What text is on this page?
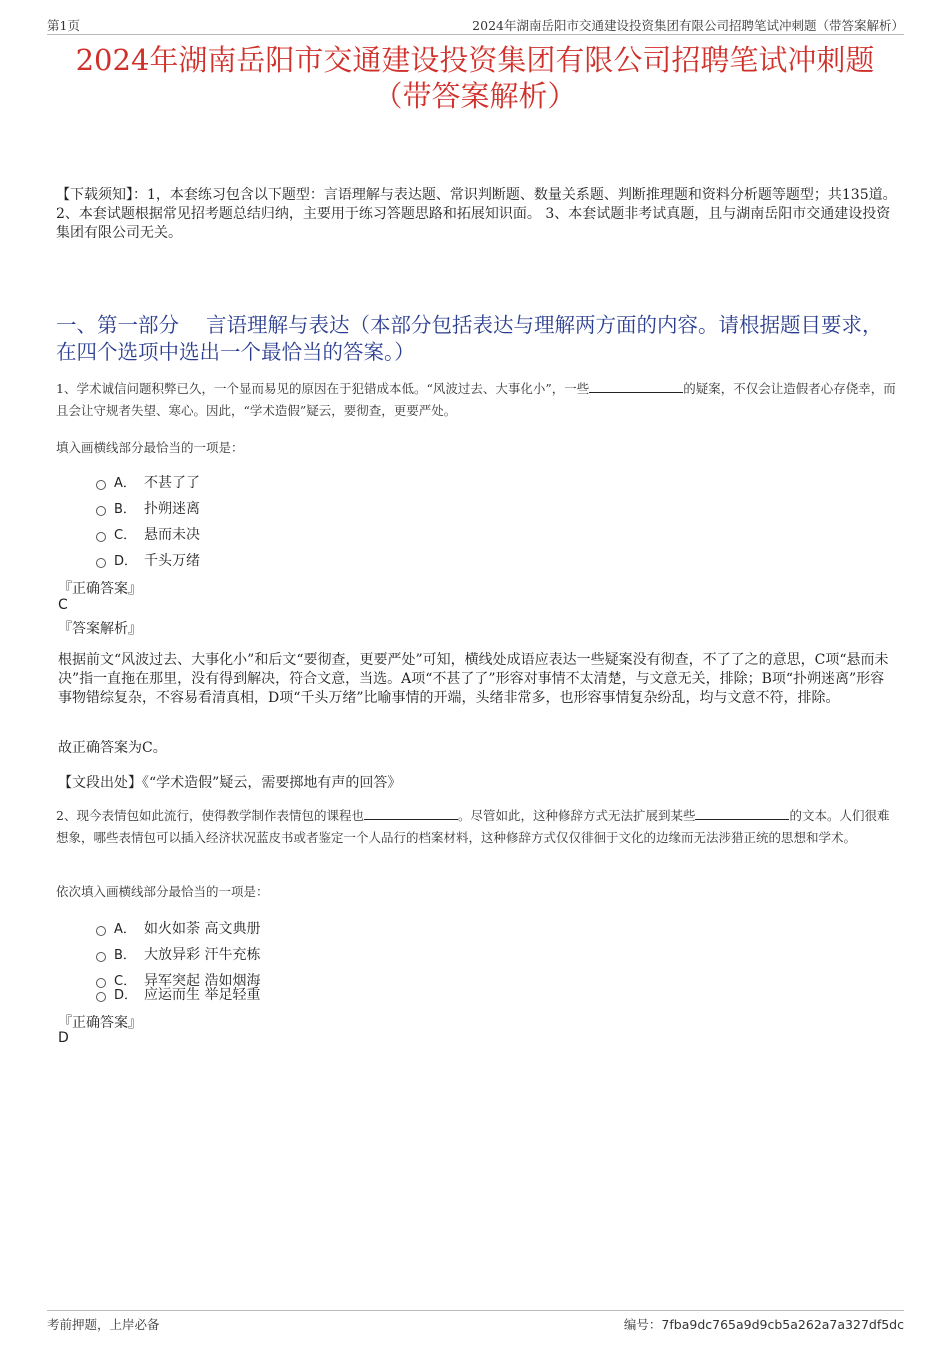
第1页	2024年湖南岳阳市交通建设投资集团有限公司招聘笔试冲刺题（带答案解析）
2024年湖南岳阳市交通建设投资集团有限公司招聘笔试冲刺题
（带答案解析）
【下载须知】：1，本套练习包含以下题型：言语理解与表达题、常识判断题、数量关系题、判断推理题和资料分析题等题型；共135道。 2、本套试题根据常见招考题总结归纳，主要用于练习答题思路和拓展知识面。 3、本套试题非考试真题，且与湖南岳阳市交通建设投资集团有限公司无关。
一、第一部分　 言语理解与表达（本部分包括表达与理解两方面的内容。请根据题目要求，在四个选项中选出一个最恰当的答案。）
1、学术诚信问题积弊已久，一个显而易见的原因在于犯错成本低。“风波过去、大事化小”，一些	的疑案，不仅会让造假者心存侥幸，而且会让守规者失望、寒心。因此，“学术造假”疑云，要彻查，更要严处。
填入画横线部分最恰当的一项是：
A． 不甚了了
B． 扑朔迷离
C． 悬而未决
D． 千头万绪
『正确答案』
C
『答案解析』
根据前文“风波过去、大事化小”和后文“要彻查，更要严处”可知，横线处成语应表达一些疑案没有彻查，不了了之的意思，C项“悬而未决”指一直拖在那里，没有得到解决，符合文意，当选。A项“不甚了了”形容对事情不太清楚，与文意无关，排除；B项“扑朔迷离”形容事物错综复杂，不容易看清真相，D项“千头万绪”比喻事情的开端，头绪非常多，也形容事情复杂纷乱，均与文意不符，排除。
故正确答案为C。
【文段出处】《“学术造假”疑云，需要掷地有声的回答》
2、现今表情包如此流行，使得教学制作表情包的课程也	。尽管如此，这种修辞方式无法扩展到某些	的文本。人们很难想象，哪些表情包可以插入经济状况蓝皮书或者鉴定一个人品行的档案材料，这种修辞方式仅仅徘徊于文化的边缘而无法涉猎正统的思想和学术。
依次填入画横线部分最恰当的一项是：
A． 如火如荼 高文典册
B． 大放异彩 汗牛充栋
C． 异军突起 浩如烟海
D． 应运而生 举足轻重
『正确答案』
D
考前押题，上岸必备	编号：7fba9dc765a9d9cb5a262a7a327df5dc
